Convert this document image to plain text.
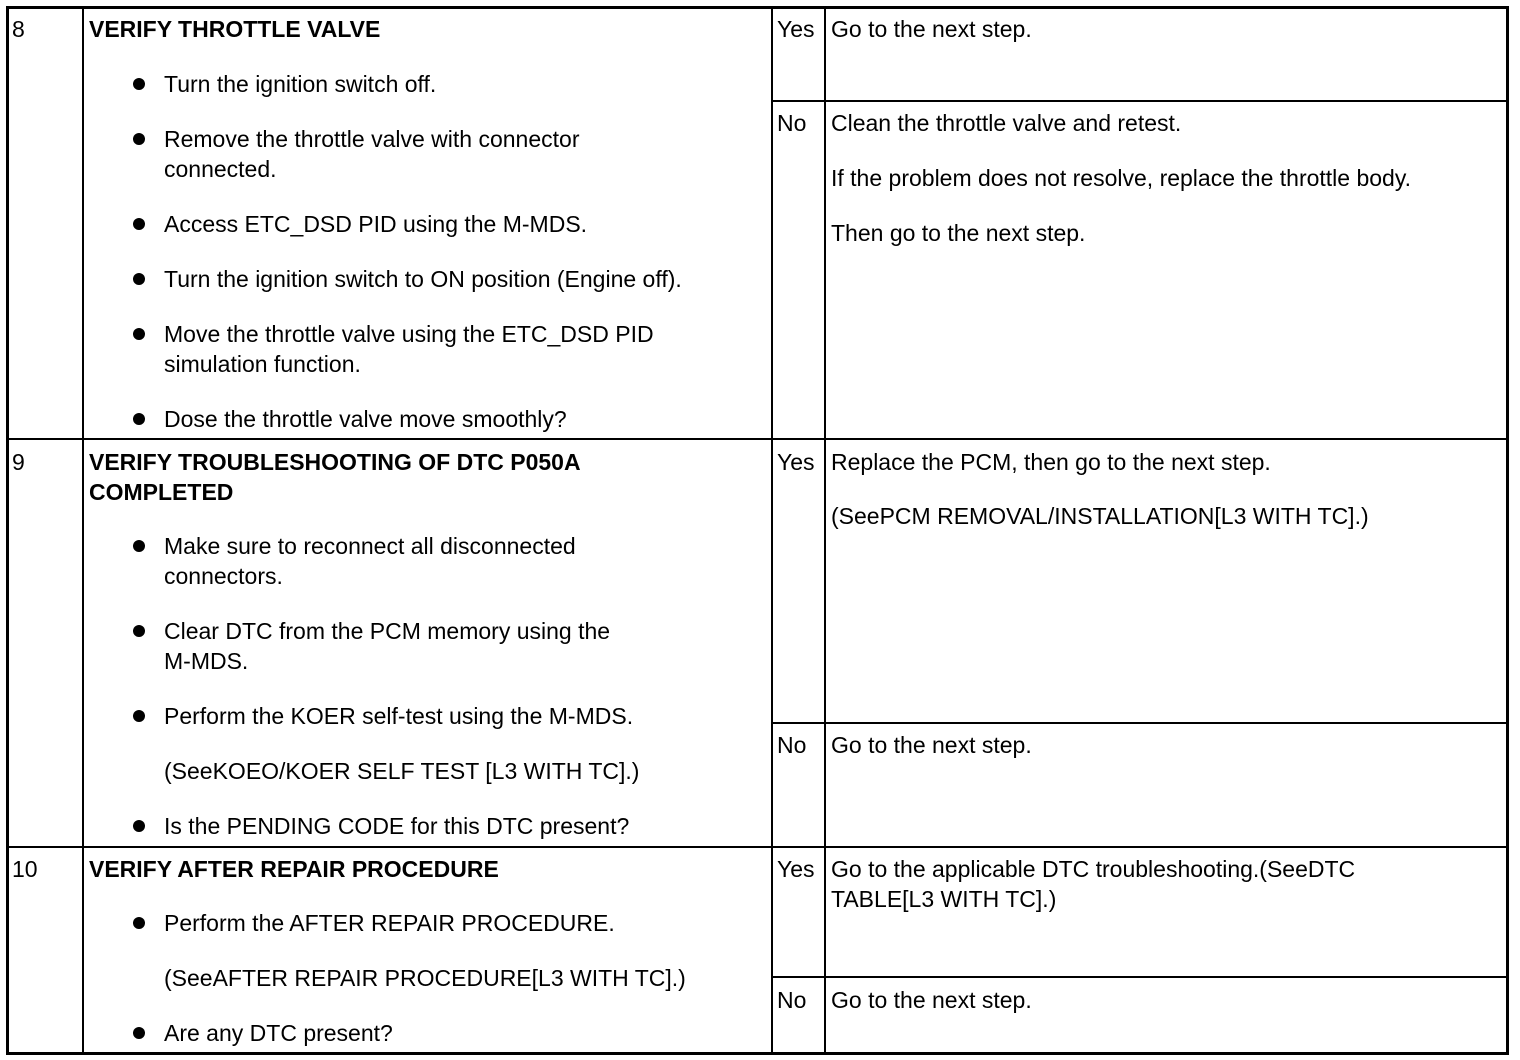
8	VERIFY THROTTLE VALVE
Turn the ignition switch off.
Remove the throttle valve with connector
connected.
Access ETC_DSD PID using the M-MDS.
Turn the ignition switch to ON position (Engine off).
Move the throttle valve using the ETC_DSD PID
simulation function.
Dose the throttle valve move smoothly?
Yes Go to the next step.
No Clean the throttle valve and retest.
If the problem does not resolve, replace the throttle body.
Then go to the next step.
9	VERIFY TROUBLESHOOTING OF DTC P050A
COMPLETED
Make sure to reconnect all disconnected
connectors.
Clear DTC from the PCM memory using the
M-MDS.
Perform the KOER self-test using the M-MDS.
(SeeKOEO/KOER SELF TEST [L3 WITH TC].)
Is the PENDING CODE for this DTC present?
Yes Replace the PCM, then go to the next step.
(SeePCM REMOVAL/INSTALLATION[L3 WITH TC].)
No Go to the next step.
10 VERIFY AFTER REPAIR PROCEDURE
Perform the AFTER REPAIR PROCEDURE.
(SeeAFTER REPAIR PROCEDURE[L3 WITH TC].)
Are any DTC present?
Yes Go to the applicable DTC troubleshooting.(SeeDTC
TABLE[L3 WITH TC].)
No Go to the next step.
